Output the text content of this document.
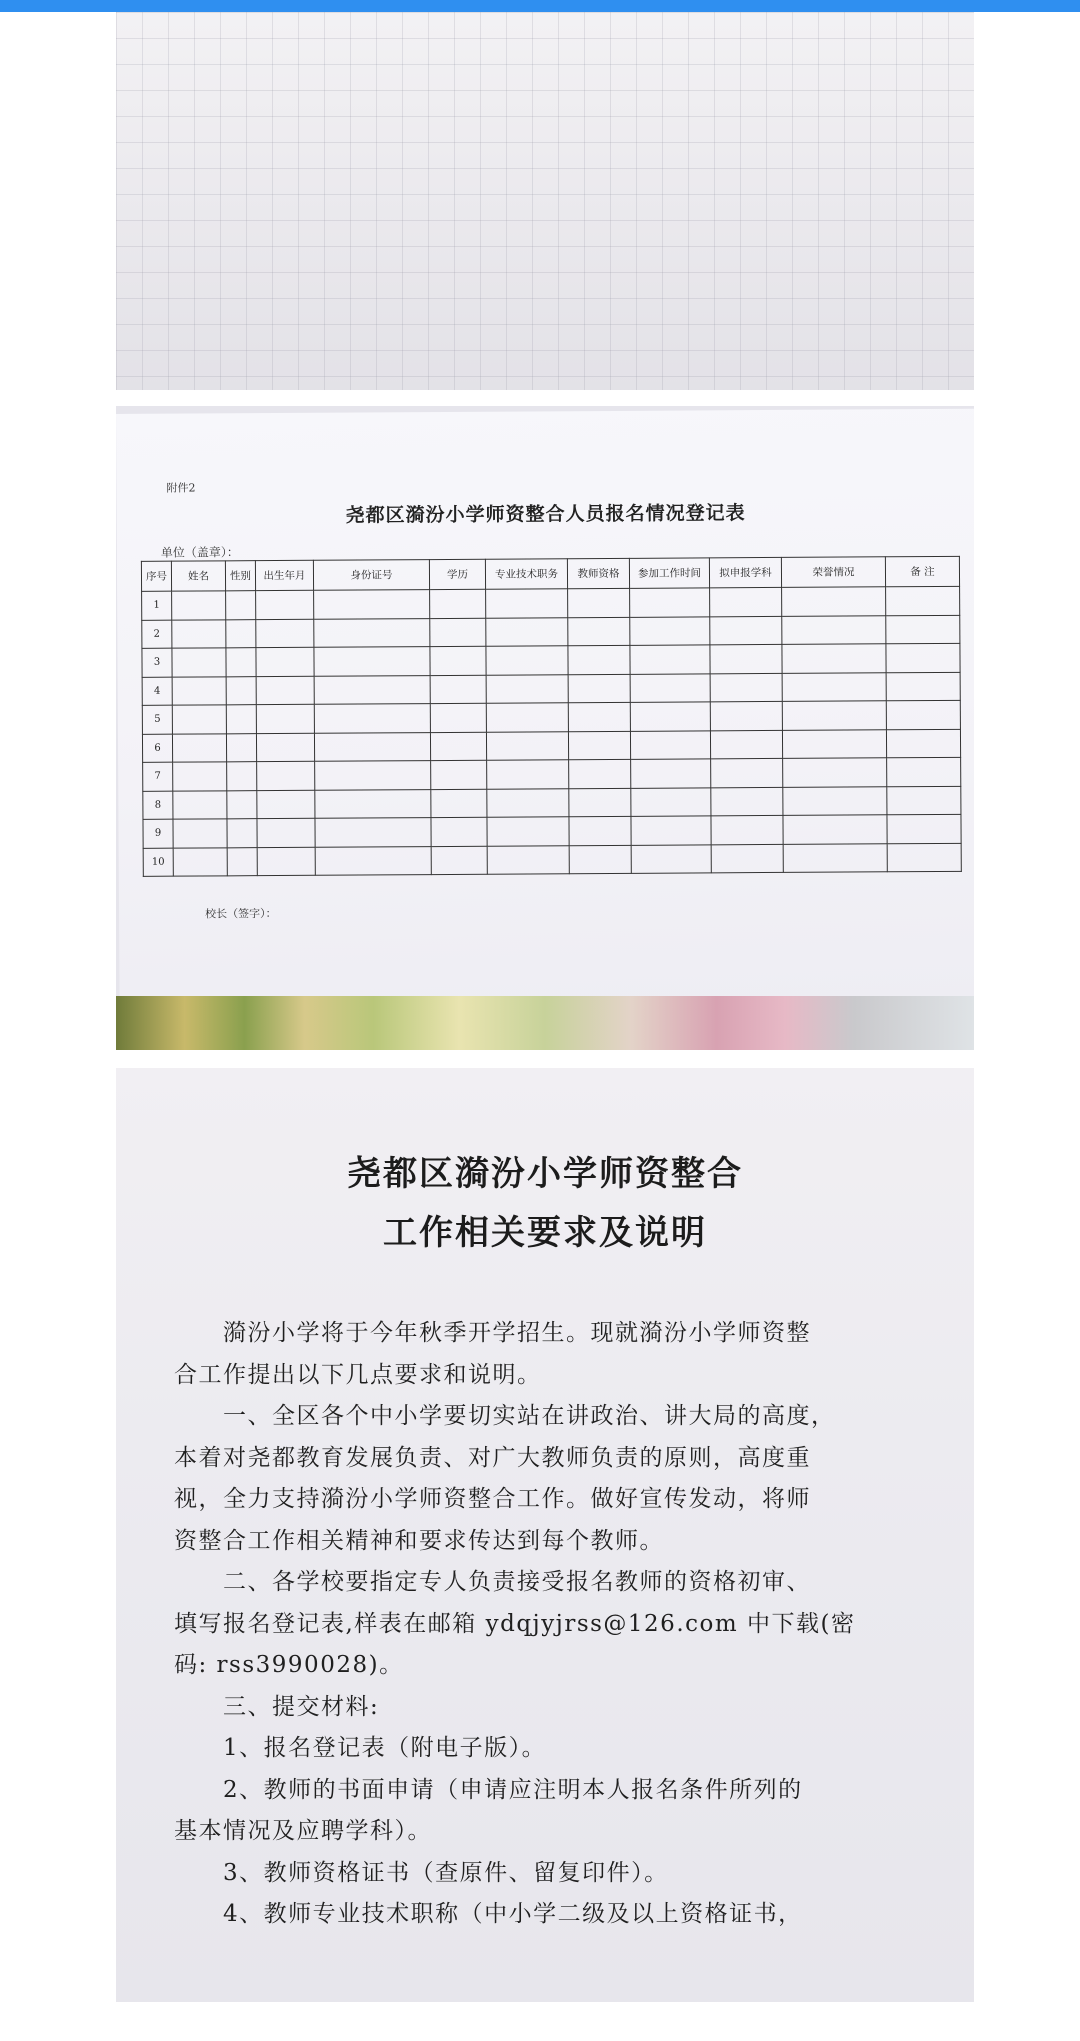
附件2
尧都区漪汾小学师资整合人员报名情况登记表
单位（盖章）：
序号	姓名	性别	出生年月	身份证号	学历	专业技术职务	教师资格	参加工作时间	拟申报学科	荣誉情况	备 注
1											
2											
3											
4											
5											
6											
7											
8											
9											
10											
校长（签字）：
尧都区漪汾小学师资整合
工作相关要求及说明
　　漪汾小学将于今年秋季开学招生。现就漪汾小学师资整
合工作提出以下几点要求和说明。
　　一、全区各个中小学要切实站在讲政治、讲大局的高度，
本着对尧都教育发展负责、对广大教师负责的原则，高度重
视，全力支持漪汾小学师资整合工作。做好宣传发动，将师
资整合工作相关精神和要求传达到每个教师。
　　二、各学校要指定专人负责接受报名教师的资格初审、
填写报名登记表,样表在邮箱 ydqjyjrss@126.com 中下载(密
码: rss3990028)。
　　三、提交材料:
　　1、报名登记表（附电子版）。
　　2、教师的书面申请（申请应注明本人报名条件所列的
基本情况及应聘学科）。
　　3、教师资格证书（查原件、留复印件）。
　　4、教师专业技术职称（中小学二级及以上资格证书，
